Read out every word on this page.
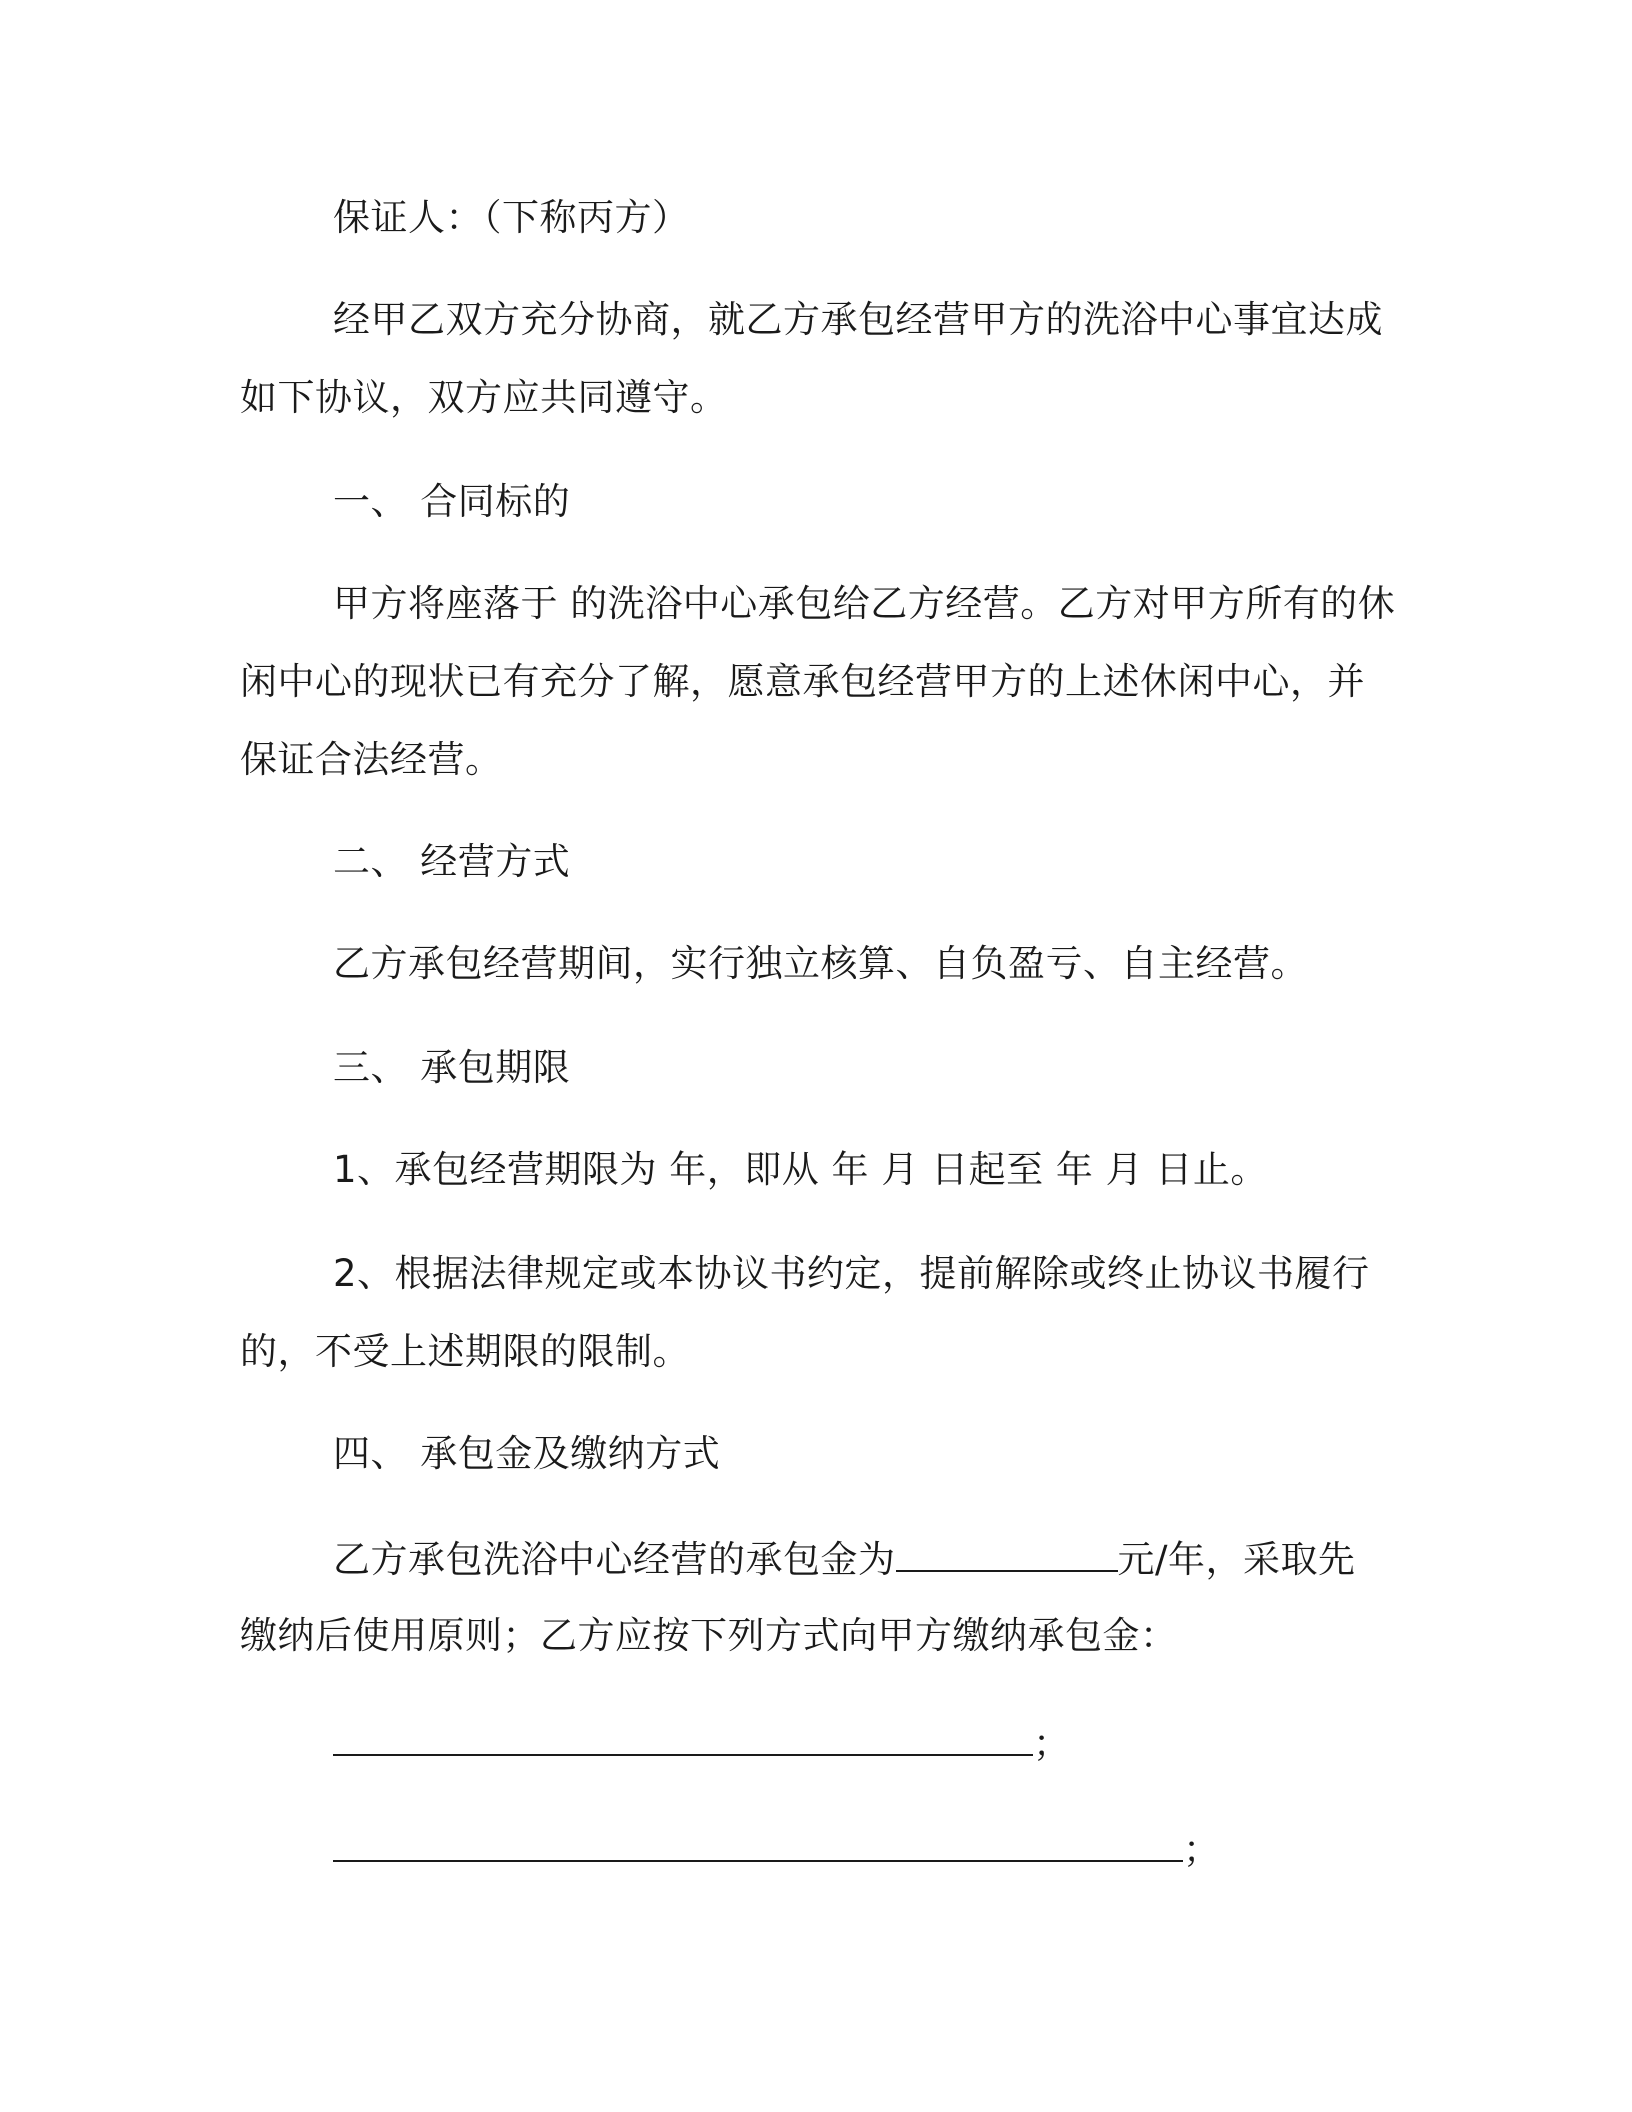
保证人：（下称丙方）
经甲乙双方充分协商，就乙方承包经营甲方的洗浴中心事宜达成
如下协议，双方应共同遵守。
一、 合同标的
甲方将座落于 的洗浴中心承包给乙方经营。乙方对甲方所有的休
闲中心的现状已有充分了解，愿意承包经营甲方的上述休闲中心，并
保证合法经营。
二、 经营方式
乙方承包经营期间，实行独立核算、自负盈亏、自主经营。
三、 承包期限
1、承包经营期限为 年，即从 年 月 日起至 年 月 日止。
2、根据法律规定或本协议书约定，提前解除或终止协议书履行
的，不受上述期限的限制。
四、 承包金及缴纳方式
乙方承包洗浴中心经营的承包金为	元/年，采取先
缴纳后使用原则；乙方应按下列方式向甲方缴纳承包金：
；
；
